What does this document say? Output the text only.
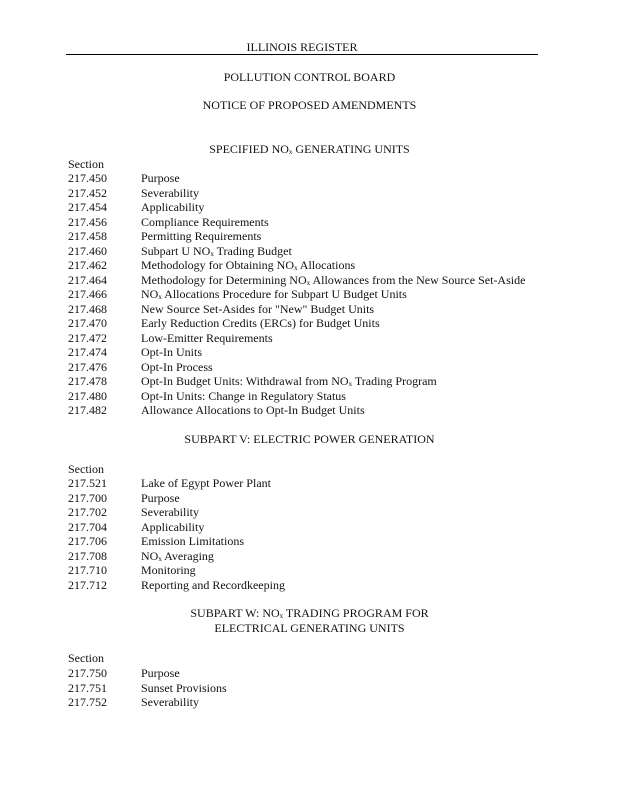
ILLINOIS REGISTER
POLLUTION CONTROL BOARD
NOTICE OF PROPOSED AMENDMENTS
SPECIFIED NOₓ GENERATING UNITS
Section
SUBPART V: ELECTRIC POWER GENERATION
Section
SUBPART W: NOₓ TRADING PROGRAM FOR
ELECTRICAL GENERATING UNITS
Section
217.450	Purpose
217.452	Severability
217.454	Applicability
217.456	Compliance Requirements
217.458	Permitting Requirements
217.460	Subpart U NOₓ Trading Budget
217.462	Methodology for Obtaining NOₓ Allocations
217.464	Methodology for Determining NOₓ Allowances from the New Source Set-Aside
217.466	NOₓ Allocations Procedure for Subpart U Budget Units
217.468	New Source Set-Asides for "New" Budget Units
217.470	Early Reduction Credits (ERCs) for Budget Units
217.472	Low-Emitter Requirements
217.474	Opt-In Units
217.476	Opt-In Process
217.478	Opt-In Budget Units: Withdrawal from NOₓ Trading Program
217.480	Opt-In Units: Change in Regulatory Status
217.482	Allowance Allocations to Opt-In Budget Units
217.521	Lake of Egypt Power Plant
217.700	Purpose
217.702	Severability
217.704	Applicability
217.706	Emission Limitations
217.708	NOₓ Averaging
217.710	Monitoring
217.712	Reporting and Recordkeeping
217.750	Purpose
217.751	Sunset Provisions
217.752	Severability
